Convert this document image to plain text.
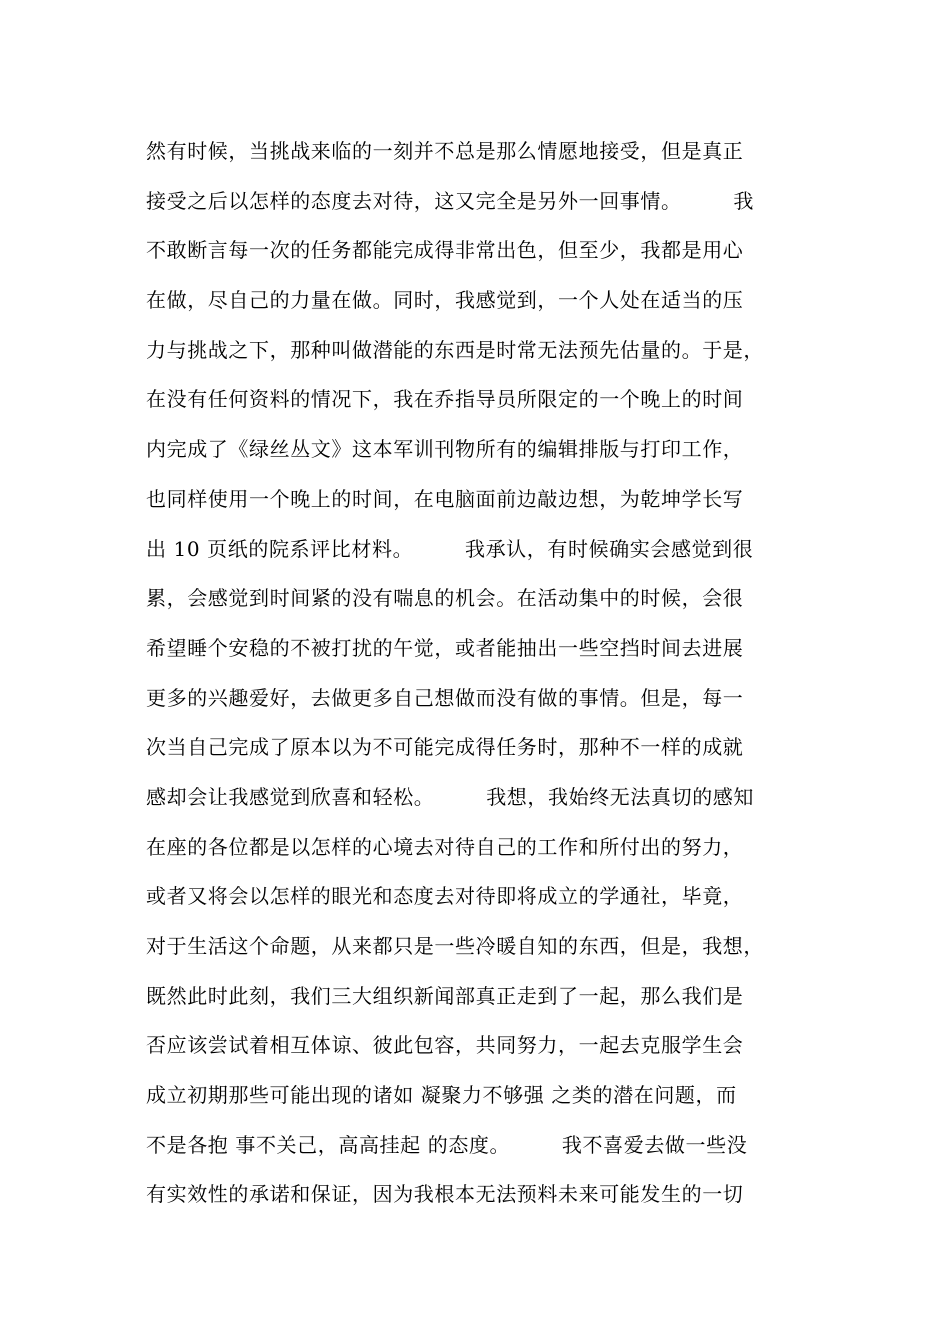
然有时候，当挑战来临的一刻并不总是那么情愿地接受，但是真正
接受之后以怎样的态度去对待，这又完全是另外一回事情。　　　我
不敢断言每一次的任务都能完成得非常出色，但至少，我都是用心
在做，尽自己的力量在做。同时，我感觉到，一个人处在适当的压
力与挑战之下，那种叫做潜能的东西是时常无法预先估量的。于是，
在没有任何资料的情况下，我在乔指导员所限定的一个晚上的时间
内完成了《绿丝丛文》这本军训刊物所有的编辑排版与打印工作，
也同样使用一个晚上的时间，在电脑面前边敲边想，为乾坤学长写
出 10 页纸的院系评比材料。　　　我承认，有时候确实会感觉到很
累，会感觉到时间紧的没有喘息的机会。在活动集中的时候，会很
希望睡个安稳的不被打扰的午觉，或者能抽出一些空挡时间去进展
更多的兴趣爱好，去做更多自己想做而没有做的事情。但是，每一
次当自己完成了原本以为不可能完成得任务时，那种不一样的成就
感却会让我感觉到欣喜和轻松。　　　我想，我始终无法真切的感知
在座的各位都是以怎样的心境去对待自己的工作和所付出的努力，
或者又将会以怎样的眼光和态度去对待即将成立的学通社，毕竟，
对于生活这个命题，从来都只是一些冷暖自知的东西，但是，我想，
既然此时此刻，我们三大组织新闻部真正走到了一起，那么我们是
否应该尝试着相互体谅、彼此包容，共同努力，一起去克服学生会
成立初期那些可能出现的诸如 凝聚力不够强 之类的潜在问题，而
不是各抱 事不关己，高高挂起 的态度。　　　我不喜爱去做一些没
有实效性的承诺和保证，因为我根本无法预料未来可能发生的一切
